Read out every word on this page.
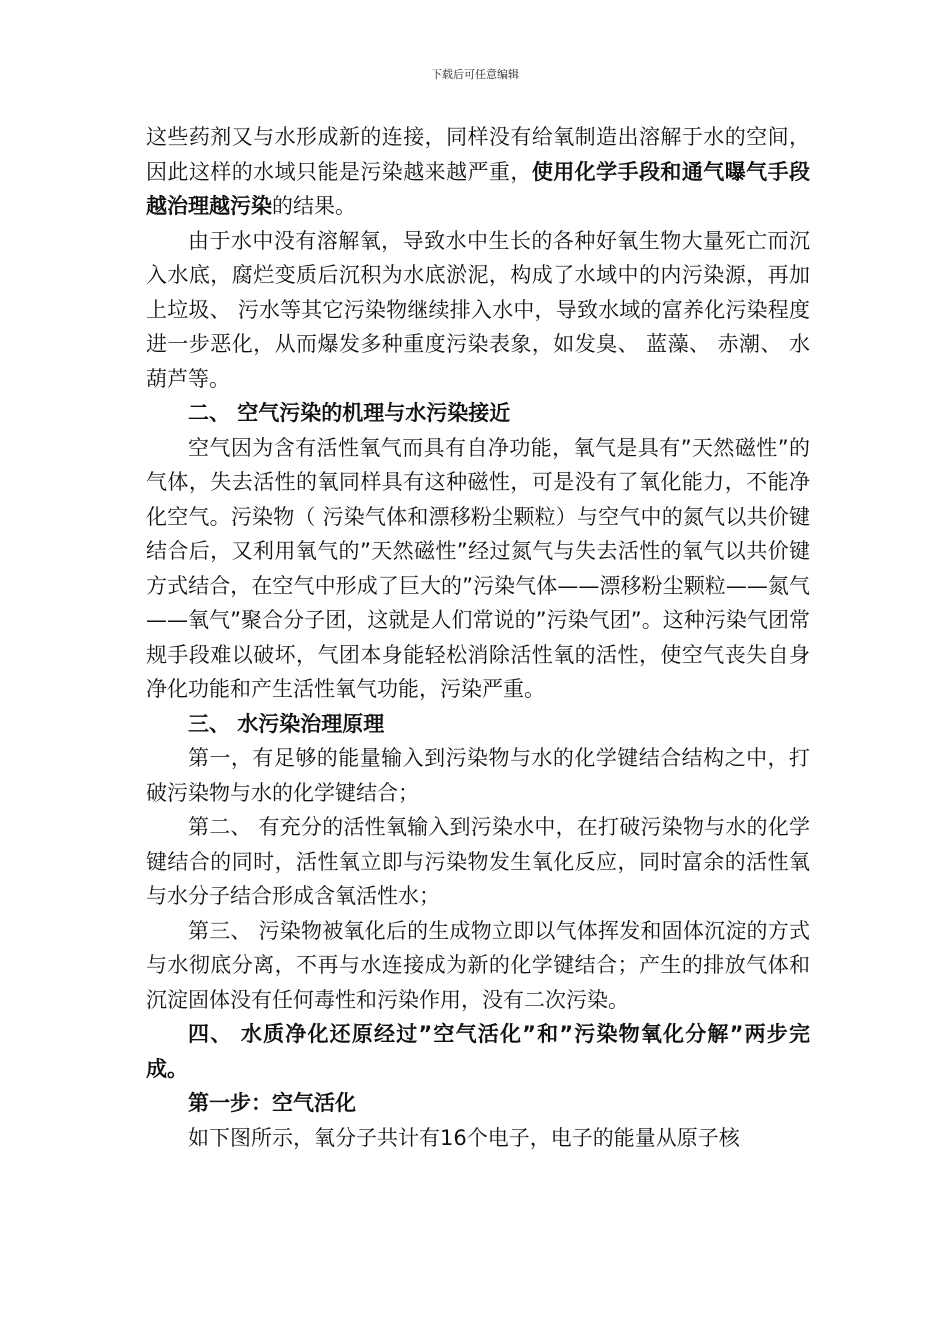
下载后可任意编辑

这些药剂又与水形成新的连接，同样没有给氧制造出溶解于水的空间，因此这样的水域只能是污染越来越严重，使用化学手段和通气曝气手段越治理越污染的结果。

由于水中没有溶解氧，导致水中生长的各种好氧生物大量死亡而沉入水底，腐烂变质后沉积为水底淤泥，构成了水域中的内污染源，再加上垃圾、 污水等其它污染物继续排入水中，导致水域的富养化污染程度进一步恶化，从而爆发多种重度污染表象，如发臭、 蓝藻、 赤潮、 水葫芦等。

二、 空气污染的机理与水污染接近

空气因为含有活性氧气而具有自净功能，氧气是具有”天然磁性”的气体，失去活性的氧同样具有这种磁性，可是没有了氧化能力，不能净化空气。污染物（ 污染气体和漂移粉尘颗粒）与空气中的氮气以共价键结合后，又利用氧气的”天然磁性”经过氮气与失去活性的氧气以共价键方式结合，在空气中形成了巨大的”污染气体——漂移粉尘颗粒——氮气——氧气”聚合分子团，这就是人们常说的”污染气团”。这种污染气团常规手段难以破坏，气团本身能轻松消除活性氧的活性，使空气丧失自身净化功能和产生活性氧气功能，污染严重。

三、 水污染治理原理

第一，有足够的能量输入到污染物与水的化学键结合结构之中，打破污染物与水的化学键结合；

第二、 有充分的活性氧输入到污染水中，在打破污染物与水的化学键结合的同时，活性氧立即与污染物发生氧化反应，同时富余的活性氧与水分子结合形成含氧活性水；

第三、 污染物被氧化后的生成物立即以气体挥发和固体沉淀的方式与水彻底分离，不再与水连接成为新的化学键结合；产生的排放气体和沉淀固体没有任何毒性和污染作用，没有二次污染。

四、 水质净化还原经过”空气活化”和”污染物氧化分解”两步完成。

第一步：空气活化

如下图所示，氧分子共计有16个电子，电子的能量从原子核
